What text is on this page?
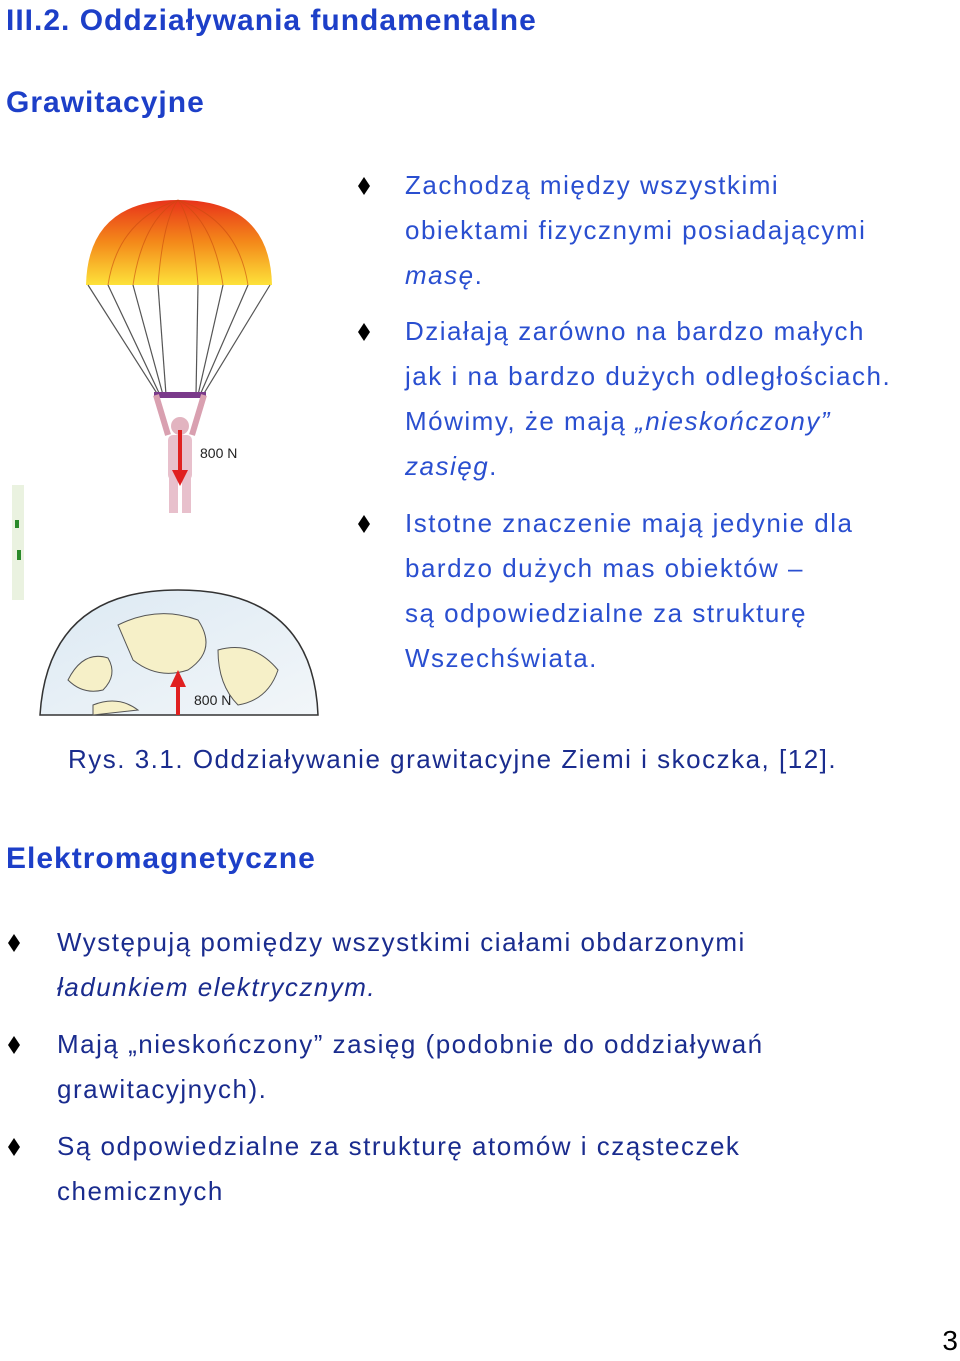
III.2. Oddziaływania fundamentalne
Grawitacyjne
800 N
800 N
Zachodzą między wszystkimi
obiektami fizycznymi posiadającymi
masę.
Działają zarówno na bardzo małych
jak i na bardzo dużych odległościach.
Mówimy, że mają „nieskończony”
zasięg.
Istotne znaczenie mają jedynie dla
bardzo dużych mas obiektów –
są odpowiedzialne za strukturę
Wszechświata.
Rys. 3.1. Oddziaływanie grawitacyjne Ziemi i skoczka, [12].
Elektromagnetyczne
Występują pomiędzy wszystkimi ciałami obdarzonymi
ładunkiem elektrycznym.
Mają „nieskończony” zasięg (podobnie do oddziaływań
grawitacyjnych).
Są odpowiedzialne za strukturę atomów i cząsteczek
chemicznych
3
